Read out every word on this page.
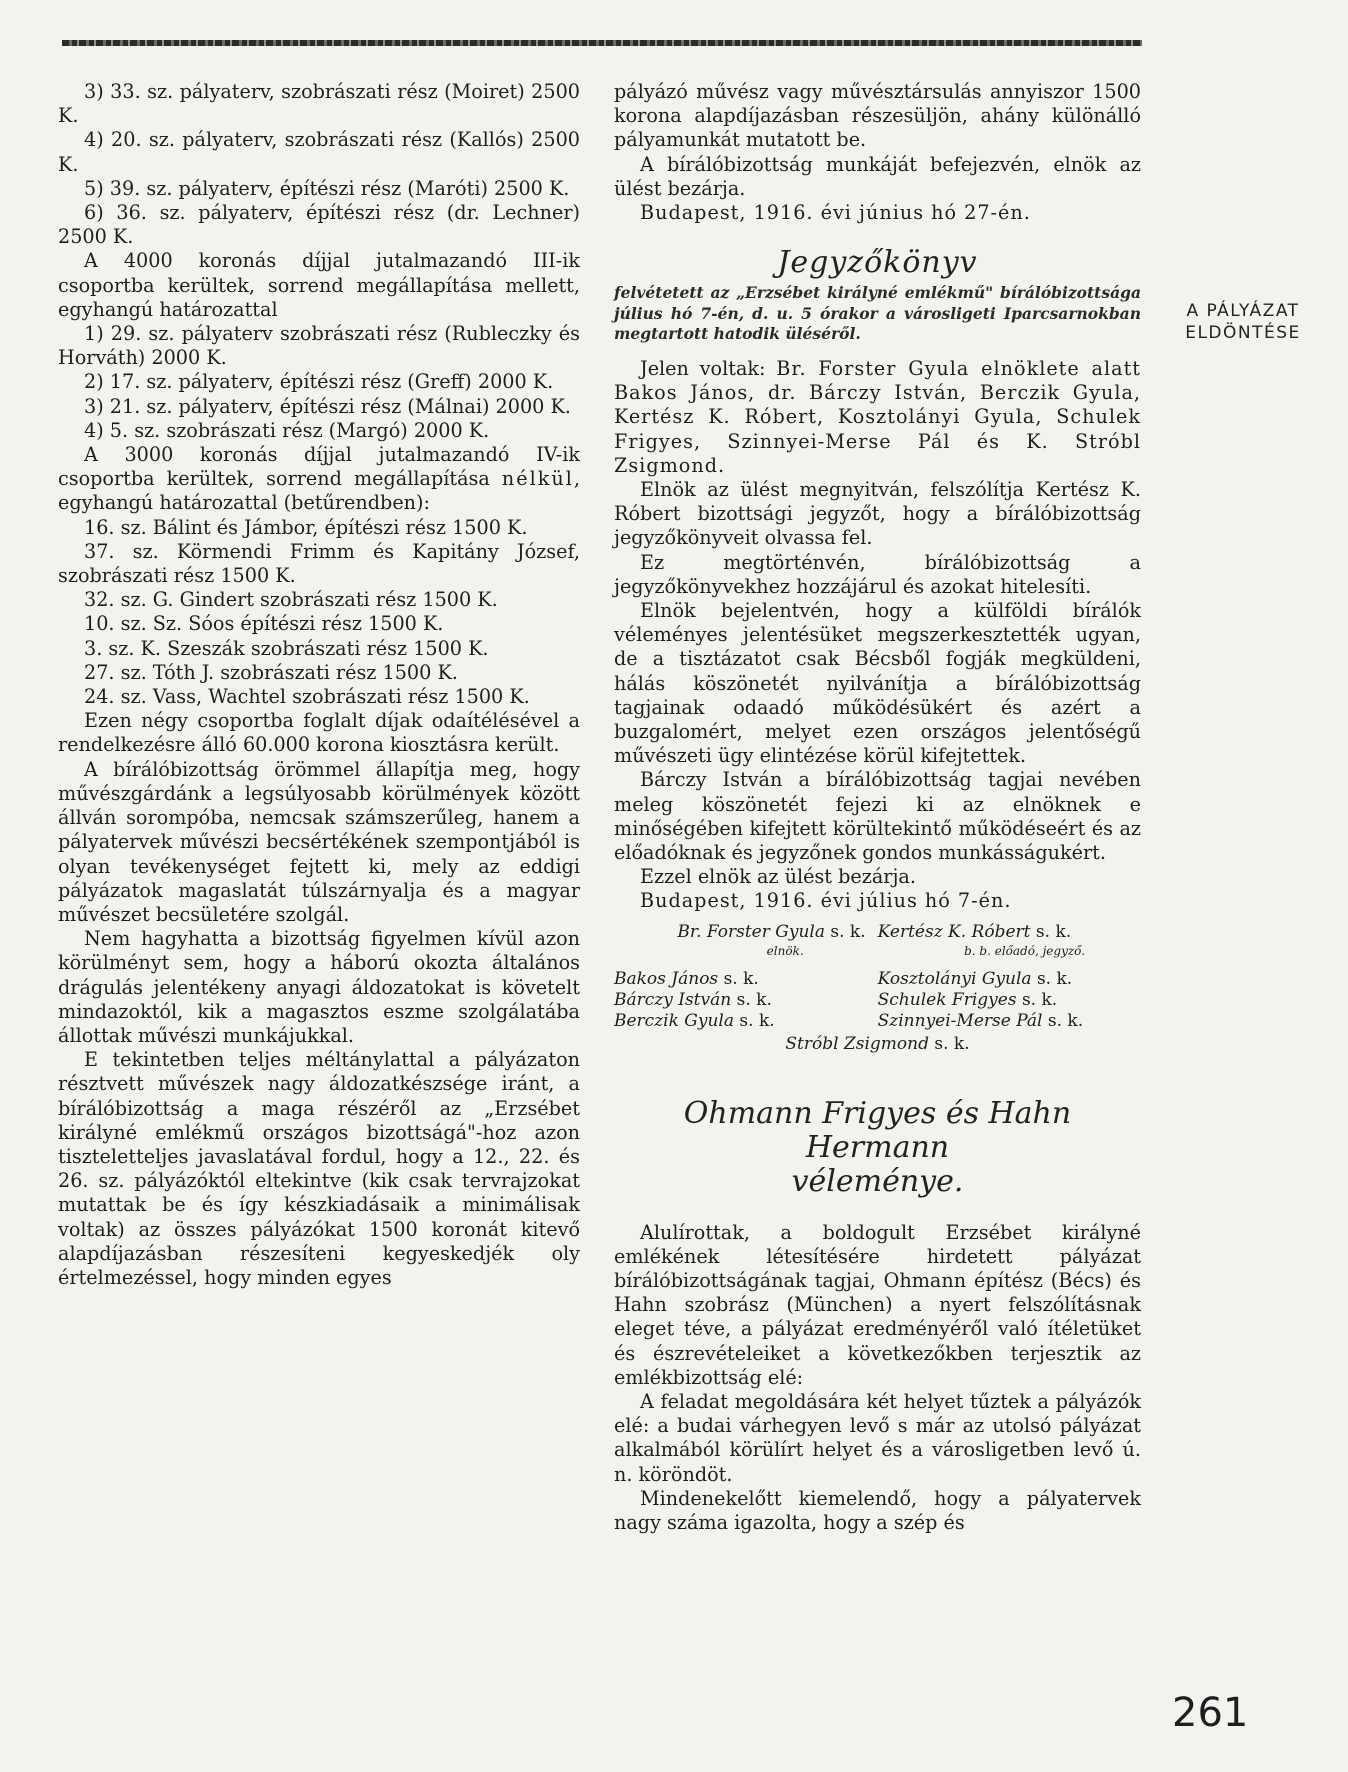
3) 33. sz. pályaterv, szobrászati rész (Moiret) 2500 K.

4) 20. sz. pályaterv, szobrászati rész (Kallós) 2500 K.

5) 39. sz. pályaterv, építészi rész (Maróti) 2500 K.

6) 36. sz. pályaterv, építészi rész (dr. Lechner) 2500 K.

A 4000 koronás díjjal jutalmazandó III-ik csoportba kerültek, sorrend megállapítása mellett, egyhangú határozattal

1) 29. sz. pályaterv szobrászati rész (Rubleczky és Horváth) 2000 K.

2) 17. sz. pályaterv, építészi rész (Greff) 2000 K.

3) 21. sz. pályaterv, építészi rész (Málnai) 2000 K.

4) 5. sz. szobrászati rész (Margó) 2000 K.

A 3000 koronás díjjal jutalmazandó IV-ik csoportba kerültek, sorrend megállapítása nélkül, egyhangú határozattal (betűrendben):

16. sz. Bálint és Jámbor, építészi rész 1500 K.

37. sz. Körmendi Frimm és Kapitány József, szobrászati rész 1500 K.

32. sz. G. Gindert szobrászati rész 1500 K.

10. sz. Sz. Sóos építészi rész 1500 K.

3. sz. K. Szeszák szobrászati rész 1500 K.

27. sz. Tóth J. szobrászati rész 1500 K.

24. sz. Vass, Wachtel szobrászati rész 1500 K.

Ezen négy csoportba foglalt díjak odaítélésével a rendelkezésre álló 60.000 korona kiosztásra került.

A bírálóbizottság örömmel állapítja meg, hogy művészgárdánk a legsúlyosabb körülmények között állván sorompóba, nemcsak számszerűleg, hanem a pályatervek művészi becsértékének szempontjából is olyan tevékenységet fejtett ki, mely az eddigi pályázatok magaslatát túlszárnyalja és a magyar művészet becsületére szolgál.

Nem hagyhatta a bizottság figyelmen kívül azon körülményt sem, hogy a háború okozta általános drágulás jelentékeny anyagi áldozatokat is követelt mindazoktól, kik a magasztos eszme szolgálatába állottak művészi munkájukkal.

E tekintetben teljes méltánylattal a pályázaton résztvett művészek nagy áldozatkészsége iránt, a bírálóbizottság a maga részéről az „Erzsébet királyné emlékmű országos bizottságá"-hoz azon tiszteletteljes javaslatával fordul, hogy a 12., 22. és 26. sz. pályázóktól eltekintve (kik csak tervrajzokat mutattak be és így készkiadásaik a minimálisak voltak) az összes pályázókat 1500 koronát kitevő alapdíjazásban részesíteni kegyeskedjék oly értelmezéssel, hogy minden egyes

pályázó művész vagy művésztársulás annyiszor 1500 korona alapdíjazásban részesüljön, ahány különálló pályamunkát mutatott be.

A bírálóbizottság munkáját befejezvén, elnök az ülést bezárja.

Budapest, 1916. évi június hó 27-én.

Jegyzőkönyv
felvétetett az „Erzsébet királyné emlékmű" bírálóbizottsága július hó 7-én, d. u. 5 órakor a városligeti Iparcsarnokban megtartott hatodik üléséről.

Jelen voltak: Br. Forster Gyula elnöklete alatt Bakos János, dr. Bárczy István, Berczik Gyula, Kertész K. Róbert, Kosztolányi Gyula, Schulek Frigyes, Szinnyei-Merse Pál és K. Stróbl Zsigmond.

Elnök az ülést megnyitván, felszólítja Kertész K. Róbert bizottsági jegyzőt, hogy a bírálóbizottság jegyzőkönyveit olvassa fel.

Ez megtörténvén, bírálóbizottság a jegyzőkönyvekhez hozzájárul és azokat hitelesíti.

Elnök bejelentvén, hogy a külföldi bírálók véleményes jelentésüket megszerkesztették ugyan, de a tisztázatot csak Bécsből fogják megküldeni, hálás köszönetét nyilvánítja a bírálóbizottság tagjainak odaadó működésükért és azért a buzgalomért, melyet ezen országos jelentőségű művészeti ügy elintézése körül kifejtettek.

Bárczy István a bírálóbizottság tagjai nevében meleg köszönetét fejezi ki az elnöknek e minőségében kifejtett körültekintő működéseért és az előadóknak és jegyzőnek gondos munkásságukért.

Ezzel elnök az ülést bezárja.

Budapest, 1916. évi július hó 7-én.

Br. Forster Gyula s. k. Kertész K. Róbert s. k.
elnök.	b. b. előadó, jegyző.
Bakos János s. k.	Kosztolányi Gyula s. k.
Bárczy István s. k.	Schulek Frigyes s. k.
Berczik Gyula s. k.	Szinnyei-Merse Pál s. k.
Stróbl Zsigmond s. k.
Ohmann Frigyes és Hahn Hermann
véleménye.

Alulírottak, a boldogult Erzsébet királyné emlékének létesítésére hirdetett pályázat bírálóbizottságának tagjai, Ohmann építész (Bécs) és Hahn szobrász (München) a nyert felszólításnak eleget téve, a pályázat eredményéről való ítéletüket és észrevételeiket a következőkben terjesztik az emlékbizottság elé:

A feladat megoldására két helyet tűztek a pályázók elé: a budai várhegyen levő s már az utolsó pályázat alkalmából körülírt helyet és a városligetben levő ú. n. köröndöt.

Mindenekelőtt kiemelendő, hogy a pályatervek nagy száma igazolta, hogy a szép és

A PÁLYÁZAT
ELDÖNTÉSE
261
